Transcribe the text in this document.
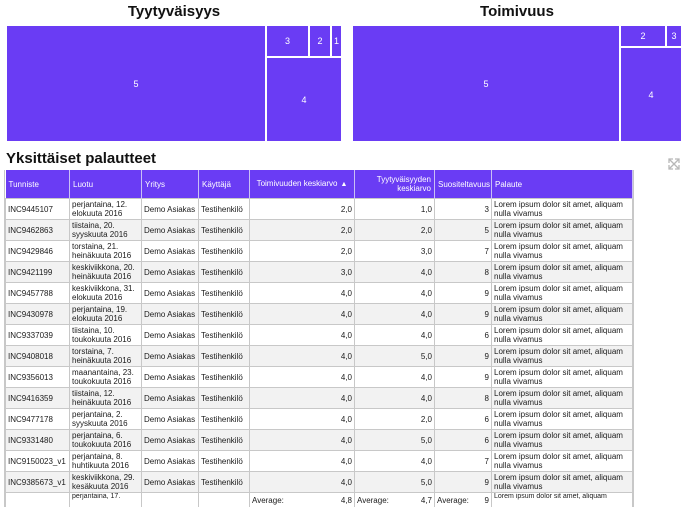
Tyytyväisyys
5
4
3	2 1
Toimivuus
5
4
2	3
Yksittäiset palautteet
Tunniste	Luotu	Yritys	Käyttäjä	Toimivuuden keskiarvo ▲	Tyytyväisyyden keskiarvo	Suositeltavuus	Palaute
INC9445107	perjantaina, 12. elokuuta 2016	Demo Asiakas	Testihenkilö	2,0	1,0	3	Lorem ipsum dolor sit amet, aliquam nulla vivamus
INC9462863	tiistaina, 20. syyskuuta 2016	Demo Asiakas	Testihenkilö	2,0	2,0	5	Lorem ipsum dolor sit amet, aliquam nulla vivamus
INC9429846	torstaina, 21. heinäkuuta 2016	Demo Asiakas	Testihenkilö	2,0	3,0	7	Lorem ipsum dolor sit amet, aliquam nulla vivamus
INC9421199	keskiviikkona, 20. heinäkuuta 2016	Demo Asiakas	Testihenkilö	3,0	4,0	8	Lorem ipsum dolor sit amet, aliquam nulla vivamus
INC9457788	keskiviikkona, 31. elokuuta 2016	Demo Asiakas	Testihenkilö	4,0	4,0	9	Lorem ipsum dolor sit amet, aliquam nulla vivamus
INC9430978	perjantaina, 19. elokuuta 2016	Demo Asiakas	Testihenkilö	4,0	4,0	9	Lorem ipsum dolor sit amet, aliquam nulla vivamus
INC9337039	tiistaina, 10. toukokuuta 2016	Demo Asiakas	Testihenkilö	4,0	4,0	6	Lorem ipsum dolor sit amet, aliquam nulla vivamus
INC9408018	torstaina, 7. heinäkuuta 2016	Demo Asiakas	Testihenkilö	4,0	5,0	9	Lorem ipsum dolor sit amet, aliquam nulla vivamus
INC9356013	maanantaina, 23. toukokuuta 2016	Demo Asiakas	Testihenkilö	4,0	4,0	9	Lorem ipsum dolor sit amet, aliquam nulla vivamus
INC9416359	tiistaina, 12. heinäkuuta 2016	Demo Asiakas	Testihenkilö	4,0	4,0	8	Lorem ipsum dolor sit amet, aliquam nulla vivamus
INC9477178	perjantaina, 2. syyskuuta 2016	Demo Asiakas	Testihenkilö	4,0	2,0	6	Lorem ipsum dolor sit amet, aliquam nulla vivamus
INC9331480	perjantaina, 6. toukokuuta 2016	Demo Asiakas	Testihenkilö	4,0	5,0	6	Lorem ipsum dolor sit amet, aliquam nulla vivamus
INC9150023_v1	perjantaina, 8. huhtikuuta 2016	Demo Asiakas	Testihenkilö	4,0	4,0	7	Lorem ipsum dolor sit amet, aliquam nulla vivamus
INC9385673_v1	keskiviikkona, 29. kesäkuuta 2016	Demo Asiakas	Testihenkilö	4,0	5,0	9	Lorem ipsum dolor sit amet, aliquam nulla vivamus
	perjantaina, 17.			Average: 4,8	Average: 4,7	Average: 9	Lorem ipsum dolor sit amet, aliquam
